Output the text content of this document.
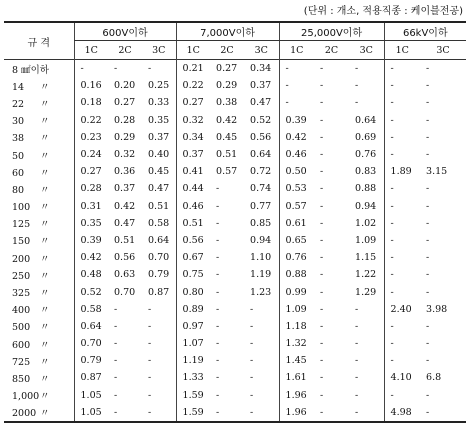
(단위 : 개소, 적용직종 : 케이블전공)
규 격	600V이하			7,000V이하			25,000V이하			66kV이하	
	1C	2C	3C	1C	2C	3C	1C	2C	3C	1C	3C
8 ㎟이하	-	-	-	0.21	0.27	0.34	-	-	-	-	-
14 〃	0.16	0.20	0.25	0.22	0.29	0.37	-	-	-	-	-
22 〃	0.18	0.27	0.33	0.27	0.38	0.47	-	-	-	-	-
30 〃	0.22	0.28	0.35	0.32	0.42	0.52	0.39	-	0.64	-	-
38 〃	0.23	0.29	0.37	0.34	0.45	0.56	0.42	-	0.69	-	-
50 〃	0.24	0.32	0.40	0.37	0.51	0.64	0.46	-	0.76	-	-
60 〃	0.27	0.36	0.45	0.41	0.57	0.72	0.50	-	0.83	1.89	3.15
80 〃	0.28	0.37	0.47	0.44	-	0.74	0.53	-	0.88	-	-
100 〃	0.31	0.42	0.51	0.46	-	0.77	0.57	-	0.94	-	-
125 〃	0.35	0.47	0.58	0.51	-	0.85	0.61	-	1.02	-	-
150 〃	0.39	0.51	0.64	0.56	-	0.94	0.65	-	1.09	-	-
200 〃	0.42	0.56	0.70	0.67	-	1.10	0.76	-	1.15	-	-
250 〃	0.48	0.63	0.79	0.75	-	1.19	0.88	-	1.22	-	-
325 〃	0.52	0.70	0.87	0.80	-	1.23	0.99	-	1.29	-	-
400 〃	0.58	-	-	0.89	-	-	1.09	-	-	2.40	3.98
500 〃	0.64	-	-	0.97	-	-	1.18	-	-	-	-
600 〃	0.70	-	-	1.07	-	-	1.32	-	-	-	-
725 〃	0.79	-	-	1.19	-	-	1.45	-	-	-	-
850 〃	0.87	-	-	1.33	-	-	1.61	-	-	4.10	6.8
1,000〃	1.05	-	-	1.59	-	-	1.96	-	-	-	-
2000 〃	1.05	-	-	1.59	-	-	1.96	-	-	4.98	-
